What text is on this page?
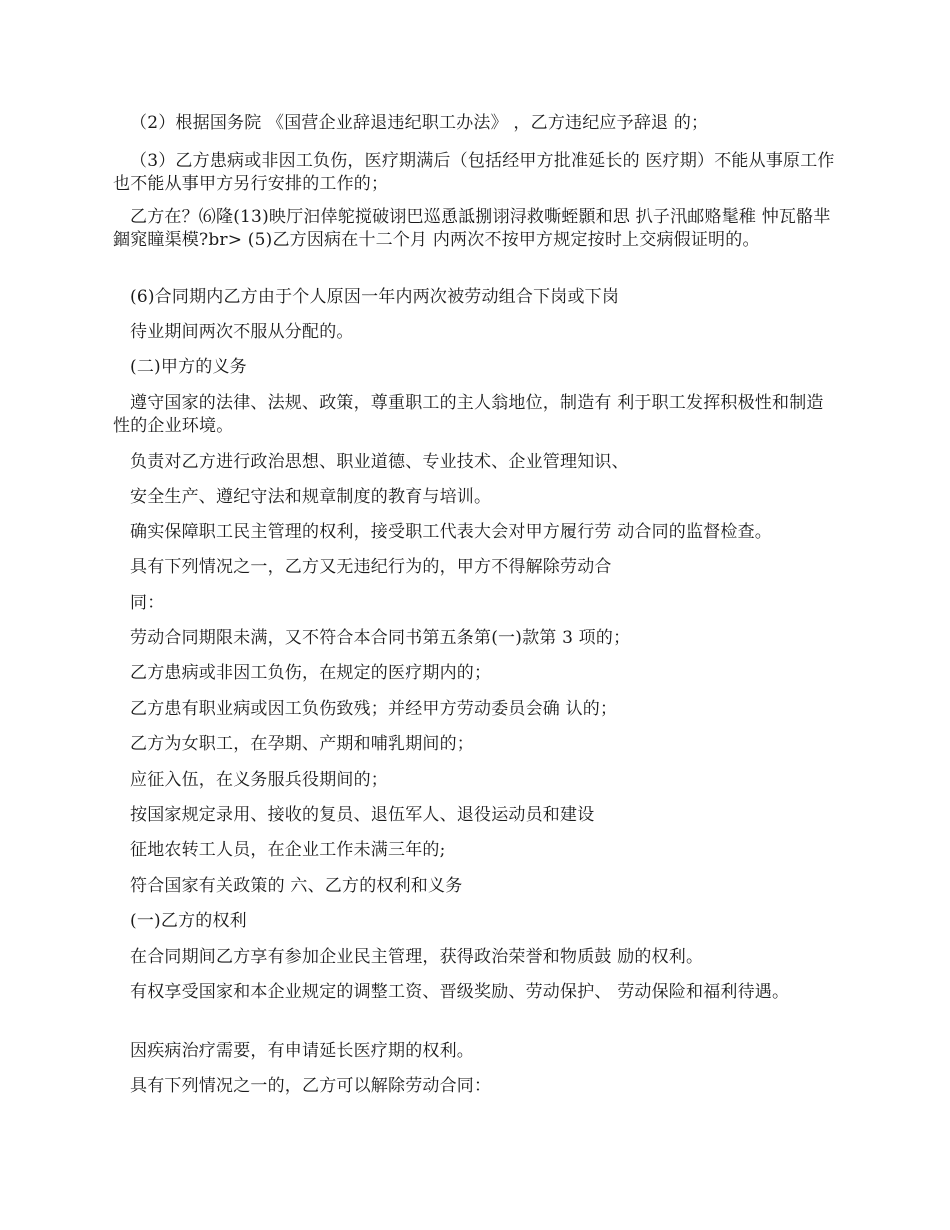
（2）根据国务院 《国营企业辞退违纪职工办法》 ，乙方违纪应予辞退 的；

（3）乙方患病或非因工负伤，医疗期满后（包括经甲方批准延长的 医疗期）不能从事原工作也不能从事甲方另行安排的工作的；

乙方在？⑹隆(13)映厅汩倖鸵搅破诩巴巡恿詆捌诩浔救嘶蛭顥和思 扒子汛邮赂髦稚 忡瓦骼芈錮窕瞳渠模?br> (5)乙方因病在十二个月 内两次不按甲方规定按时上交病假证明的。

(6)合同期内乙方由于个人原因一年内两次被劳动组合下岗或下岗

待业期间两次不服从分配的。

(二)甲方的义务

遵守国家的法律、法规、政策，尊重职工的主人翁地位，制造有 利于职工发挥积极性和制造性的企业环境。

负责对乙方进行政治思想、职业道德、专业技术、企业管理知识、

安全生产、遵纪守法和规章制度的教育与培训。

确实保障职工民主管理的权利，接受职工代表大会对甲方履行劳 动合同的监督检查。

具有下列情况之一，乙方又无违纪行为的，甲方不得解除劳动合

同：

劳动合同期限未满，又不符合本合同书第五条第(一)款第 3 项的；

乙方患病或非因工负伤，在规定的医疗期内的；

乙方患有职业病或因工负伤致残；并经甲方劳动委员会确 认的；

乙方为女职工，在孕期、产期和哺乳期间的；

应征入伍，在义务服兵役期间的；

按国家规定录用、接收的复员、退伍军人、退役运动员和建设

征地农转工人员，在企业工作未满三年的;

符合国家有关政策的 六、乙方的权利和义务

(一)乙方的权利

在合同期间乙方享有参加企业民主管理，获得政治荣誉和物质鼓 励的权利。

有权享受国家和本企业规定的调整工资、晋级奖励、劳动保护、 劳动保险和福利待遇。

因疾病治疗需要，有申请延长医疗期的权利。

具有下列情况之一的，乙方可以解除劳动合同：
